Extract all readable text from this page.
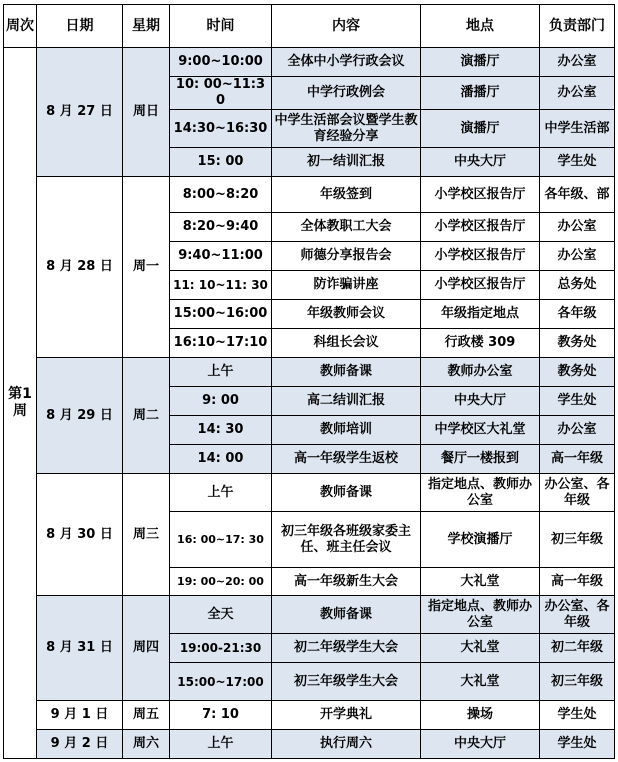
周次	日期	星期	时间	内容	地点	负责部门
第1周	8 月 27 日	周日	9:00~10:00	全体中小学行政会议	演播厅	办公室
			10: 00~11:30	中学行政例会	潘播厅	办公室
			14:30~16:30	中学生活部会议暨学生教育经验分享	演播厅	中学生活部
			15: 00	初一结训汇报	中央大厅	学生处
	8 月 28 日	周一	8:00~8:20	年级签到	小学校区报告厅	各年级、部
			8:20~9:40	全体教职工大会	小学校区报告厅	办公室
			9:40~11:00	师德分享报告会	小学校区报告厅	办公室
			11: 10~11: 30	防诈骗讲座	小学校区报告厅	总务处
			15:00~16:00	年级教师会议	年级指定地点	各年级
			16:10~17:10	科组长会议	行政楼 309	教务处
	8 月 29 日	周二	上午	教师备课	教师办公室	教务处
			9: 00	高二结训汇报	中央大厅	学生处
			14: 30	教师培训	中学校区大礼堂	办公室
			14: 00	高一年级学生返校	餐厅一楼报到	高一年级
	8 月 30 日	周三	上午	教师备课	指定地点、教师办公室	办公室、各年级
			16: 00~17: 30	初三年级各班级家委主任、班主任会议	学校演播厅	初三年级
			19: 00~20: 00	高一年级新生大会	大礼堂	高一年级
	8 月 31 日	周四	全天	教师备课	指定地点、教师办公室	办公室、各年级
			19:00-21:30	初二年级学生大会	大礼堂	初二年级
			15:00~17:00	初三年级学生大会	大礼堂	初三年级
	9 月 1 日	周五	7: 10	开学典礼	操场	学生处
	9 月 2 日	周六	上午	执行周六	中央大厅	学生处
